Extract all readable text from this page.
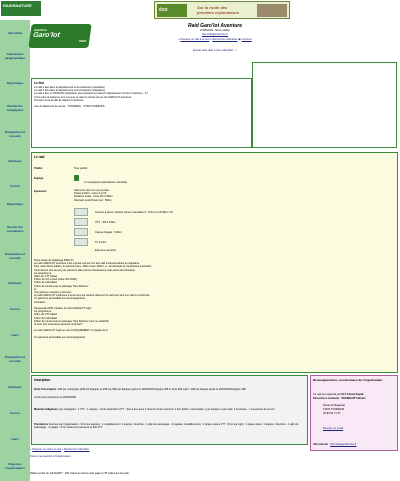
RAIDSNATURE
éco	Sur la route des
premiers explorateurs
Calendrier
Classement géographique
Reportages
Recherche coéquipiers
Préparation et conseils
Boutique
Forum
Reportages
Recherche coéquipiers
Préparation et conseils
Boutique
Forum
Liens
Préparation et conseils
Boutique
Forum
Liens
Page des organisateurs
Aventure
Garo'lot
RAID
Raid Garo'lot Aventure
07/05/2006 - 5ème édition
http://raidgarolot.free.fr
» Préparer ce raid à ce slot » Recherche Calendrier ▣ Imprimer
Ajouter cette date à mon calendrier : ▪▪
Le lieu
Le raid a lieu dans le département Lot-et-Garonne (Aquitaine)
Le raid a lieu dans le département Lot-et-Garonne (Aquitaine)
Le raid a lieu en FRANCE (Aquitaine) plus précisément dans le département du lot et Garonne - 47
C'est entre la Garonne et le Lot que se situe le terrain de jeu du GAROLOT Aventure.
Tonneins sera la ville de départ et d'arrivée.

Lieu du départ de la course : TONNEINS - 47400 TONNEINS
Le raid
Public	Tout public
Equipe
2 coéquipiers (assistance interdite)
Epreuves	Raid mini vélo sur une journée
Durée d'effort : entre 3 et 6h
Distance totale : entre 25 et 50km
Dénivelé positif total max : 500m
Course à pied, marche (avec orientation) : 6,5 km et 8,5km CO
VTT : 28 à 32km
Canoë-Kayak : 6,5km
Tir à l'arc
Epreuve surprise
5ème étape du challenge RAID 47.
Le raid GAROLOT Aventure s'est imposé comme l'un des raid incontournables en Aquitaine.
Pour cette 5ème édition, le parcours fera ~50km avec 1200m +/- de dénivelé et comportera 6 activités.
Vous devrez tout au long du parcours faire preuve d'endurance mais aussi de technique.
Au programme :
32km en VTT balisé
6,5km de CO à pied (carte IOF 2000)
6,5km de trail balisé
6,5km de canoë avec le passage "Des Roches"
et
Une épreuve surprise (nocturne)
Le raid GAROLOT s'adresse à tous ceux qui veulent découvrir le raid pour leur 1er raid ou confirmés.
Un parcours accessible aux accompagnants.
Animation

Nouveauté 2006 création du raid GAROLOT Light
Au programme
32km de VTT balisé
6,5km de trail balisé
6,5km de canoë avec le passage "Des Roches" pour se rafraîchir
et pour finir la fameuse épreuve surprise!!!

Le raid GAROLOT Light se court UNIQUEMENT en équipe de 2.

Un parcours accessible aux accompagnants.
Inscription

Droit d'inscription: 20€ par coéquipier (40€ par Equipe) et 25€ (ou 50€ par Equipe) après le 20/05/2006 Equipe 40€ et forte 20€ Light : 20€ par Equipe après le 20/05/2006 Equipe 40€

Limite des inscriptions le 20/05/2006

Matériel obligatoire: par coéquipier : 1 VTT - 1 casque - kit de réparation VTT - Sac à dos avec 1 réserve d'eau minimum 1 litre (bidon, camel back, ) par équipe ou par solo: 1 boussole - 1 couverture de survie

Prestations fournies par l'organisation : Pour les équipes : 1 ravitaillement / 1 équipe / douches - 1 gilet de sauvetage - 2 pagaies, ravitaillements : 2 pique-niques VTT : Pour les Light : 1 pique-nique / 1 équipe / douches - 1 gilet de sauvetage - 1 pagaie - Pour toutes les épreuves et kits VTT

Renseignements, coordonnées de l'organisateur

Ce raid est organisé par ULT Canoë Kayak

Personne à contacter : PASSOUAT Fabrice

Route de Bugasset
47400 TONNEINS
05-53 52 71 37
Envoyer un email

Site internet : http://raidgarolot.free.fr

» Préparer ce raid à ce slot » Recherche Calendrier
Poser une question à l'organisateur
Raids à partir du 23/11/2007 : 265 visites du raid à cette page et 78 visites du site web.
